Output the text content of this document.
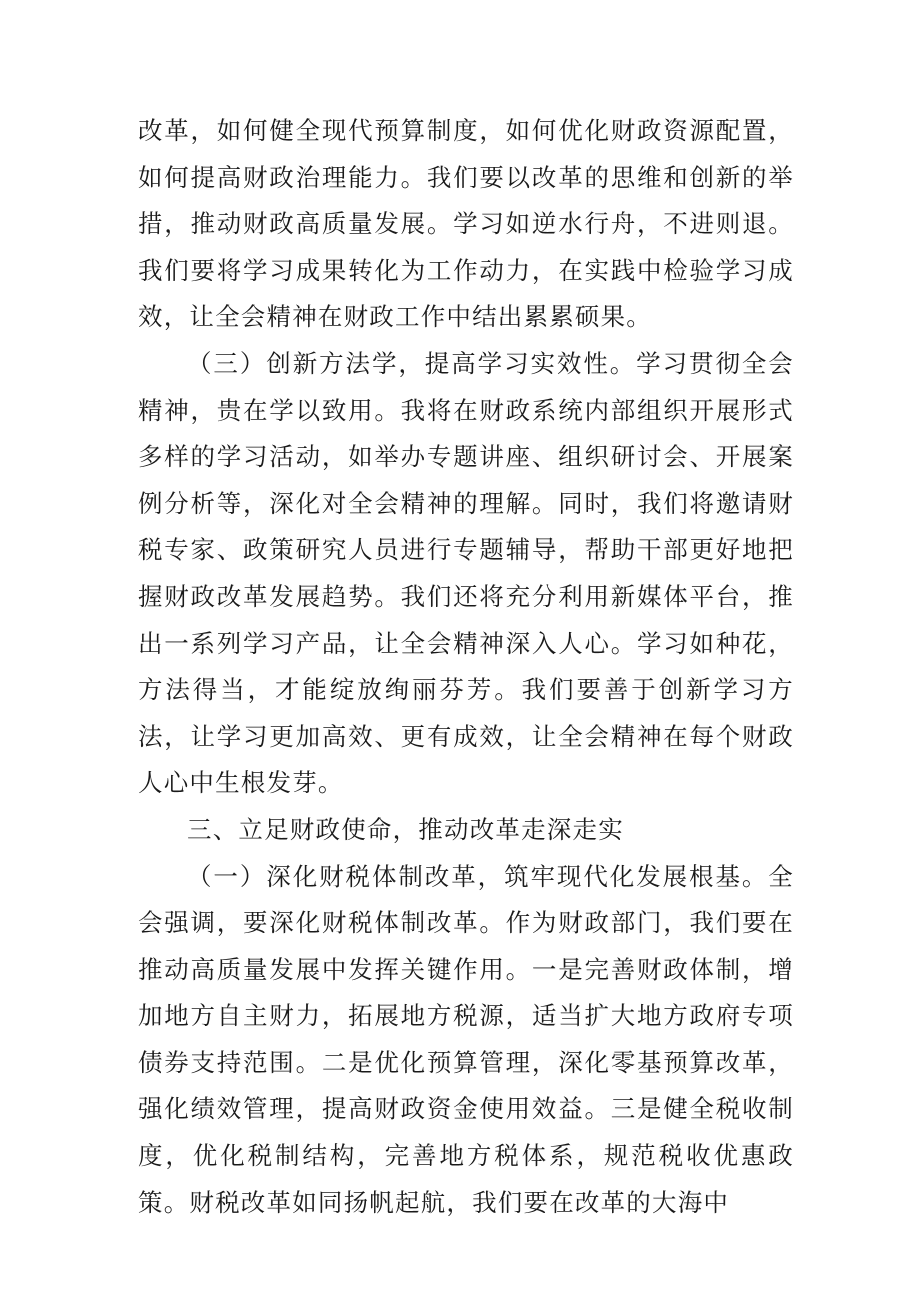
改革，如何健全现代预算制度，如何优化财政资源配置，如何提高财政治理能力。我们要以改革的思维和创新的举措，推动财政高质量发展。学习如逆水行舟，不进则退。我们要将学习成果转化为工作动力，在实践中检验学习成效，让全会精神在财政工作中结出累累硕果。

（三）创新方法学，提高学习实效性。学习贯彻全会精神，贵在学以致用。我将在财政系统内部组织开展形式多样的学习活动，如举办专题讲座、组织研讨会、开展案例分析等，深化对全会精神的理解。同时，我们将邀请财税专家、政策研究人员进行专题辅导，帮助干部更好地把握财政改革发展趋势。我们还将充分利用新媒体平台，推出一系列学习产品，让全会精神深入人心。学习如种花，方法得当，才能绽放绚丽芬芳。我们要善于创新学习方法，让学习更加高效、更有成效，让全会精神在每个财政人心中生根发芽。

三、立足财政使命，推动改革走深走实

（一）深化财税体制改革，筑牢现代化发展根基。全会强调，要深化财税体制改革。作为财政部门，我们要在推动高质量发展中发挥关键作用。一是完善财政体制，增加地方自主财力，拓展地方税源，适当扩大地方政府专项债券支持范围。二是优化预算管理，深化零基预算改革，强化绩效管理，提高财政资金使用效益。三是健全税收制度，优化税制结构，完善地方税体系，规范税收优惠政策。财税改革如同扬帆起航，我们要在改革的大海中
